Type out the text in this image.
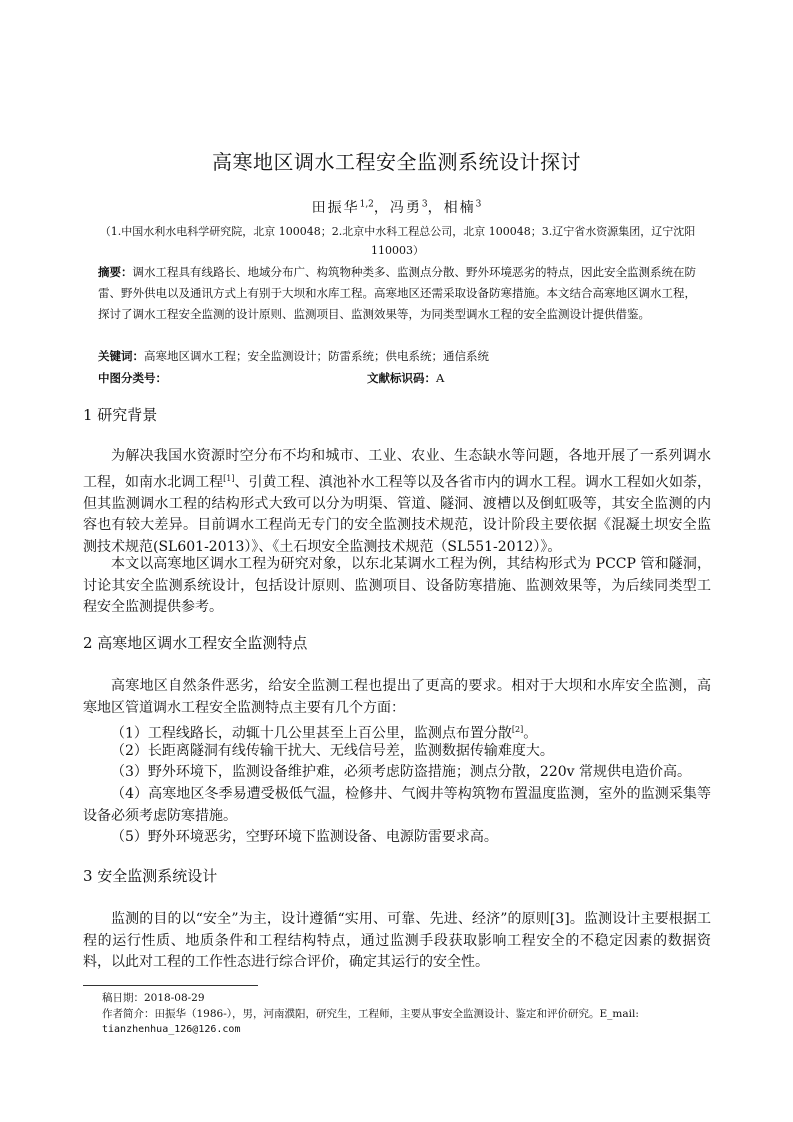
高寒地区调水工程安全监测系统设计探讨
田振华$^{1,2}$，冯勇$^3$，相楠$^3$
（1.中国水利水电科学研究院，北京 100048；2.北京中水科工程总公司，北京 100048；3.辽宁省水资源集团，辽宁沈阳 110003）
摘要：调水工程具有线路长、地域分布广、构筑物种类多、监测点分散、野外环境恶劣的特点，因此安全监测系统在防雷、野外供电以及通讯方式上有别于大坝和水库工程。高寒地区还需采取设备防寒措施。本文结合高寒地区调水工程，探讨了调水工程安全监测的设计原则、监测项目、监测效果等，为同类型调水工程的安全监测设计提供借鉴。
关键词：高寒地区调水工程；安全监测设计；防雷系统；供电系统；通信系统
中图分类号：	文献标识码：A
1 研究背景
为解决我国水资源时空分布不均和城市、工业、农业、生态缺水等问题，各地开展了一系列调水工程，如南水北调工程[1]、引黄工程、滇池补水工程等以及各省市内的调水工程。调水工程如火如荼，但其监测调水工程的结构形式大致可以分为明渠、管道、隧洞、渡槽以及倒虹吸等，其安全监测的内容也有较大差异。目前调水工程尚无专门的安全监测技术规范，设计阶段主要依据《混凝土坝安全监测技术规范(SL601-2013）》、《土石坝安全监测技术规范（SL551-2012）》。
本文以高寒地区调水工程为研究对象，以东北某调水工程为例，其结构形式为 PCCP 管和隧洞，讨论其安全监测系统设计，包括设计原则、监测项目、设备防寒措施、监测效果等，为后续同类型工程安全监测提供参考。
2 高寒地区调水工程安全监测特点
高寒地区自然条件恶劣，给安全监测工程也提出了更高的要求。相对于大坝和水库安全监测，高寒地区管道调水工程安全监测特点主要有几个方面：
（1）工程线路长，动辄十几公里甚至上百公里，监测点布置分散[2]。
（2）长距离隧洞有线传输干扰大、无线信号差，监测数据传输难度大。
（3）野外环境下，监测设备维护难，必须考虑防盗措施；测点分散，220v 常规供电造价高。
（4）高寒地区冬季易遭受极低气温，检修井、气阀井等构筑物布置温度监测，室外的监测采集等设备必须考虑防寒措施。
（5）野外环境恶劣，空野环境下监测设备、电源防雷要求高。
3 安全监测系统设计
监测的目的以“安全”为主，设计遵循“实用、可靠、先进、经济”的原则[3]。监测设计主要根据工程的运行性质、地质条件和工程结构特点，通过监测手段获取影响工程安全的不稳定因素的数据资料，以此对工程的工作性态进行综合评价，确定其运行的安全性。
稿日期：2018-08-29
作者简介：田振华（1986-），男，河南濮阳，研究生，工程师，主要从事安全监测设计、鉴定和评价研究。E_mail:
tianzhenhua_126@126.com
